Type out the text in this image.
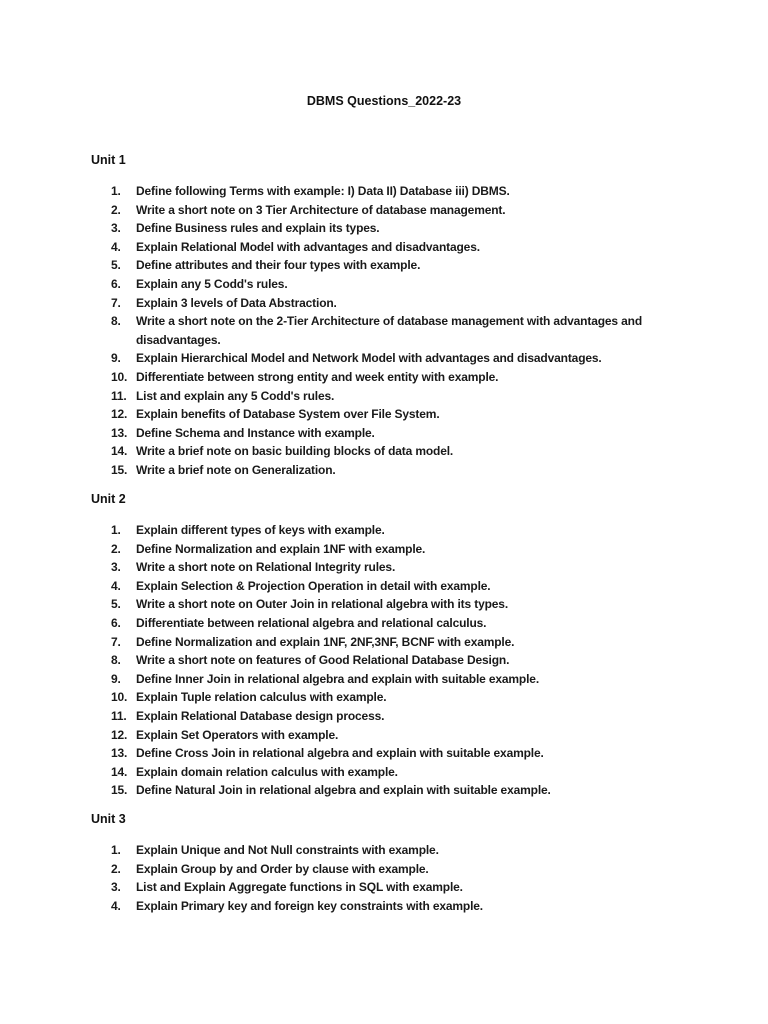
DBMS Questions_2022-23
Unit 1
1.	Define following Terms with example: I) Data II) Database iii) DBMS.
2.	Write a short note on 3 Tier Architecture of database management.
3.	Define Business rules and explain its types.
4.	Explain Relational Model with advantages and disadvantages.
5.	Define attributes and their four types with example.
6.	Explain any 5 Codd's rules.
7.	Explain 3 levels of Data Abstraction.
8.	Write a short note on the 2-Tier Architecture of database management with advantages and disadvantages.
9.	Explain Hierarchical Model and Network Model with advantages and disadvantages.
10. Differentiate between strong entity and week entity with example.
11. List and explain any 5 Codd's rules.
12. Explain benefits of Database System over File System.
13. Define Schema and Instance with example.
14. Write a brief note on basic building blocks of data model.
15. Write a brief note on Generalization.
Unit 2
1.	Explain different types of keys with example.
2.	Define Normalization and explain 1NF with example.
3.	Write a short note on Relational Integrity rules.
4.	Explain Selection & Projection Operation in detail with example.
5.	Write a short note on Outer Join in relational algebra with its types.
6.	Differentiate between relational algebra and relational calculus.
7.	Define Normalization and explain 1NF, 2NF,3NF, BCNF with example.
8.	Write a short note on features of Good Relational Database Design.
9.	Define Inner Join in relational algebra and explain with suitable example.
10. Explain Tuple relation calculus with example.
11. Explain Relational Database design process.
12. Explain Set Operators with example.
13. Define Cross Join in relational algebra and explain with suitable example.
14. Explain domain relation calculus with example.
15. Define Natural Join in relational algebra and explain with suitable example.
Unit 3
1.	Explain Unique and Not Null constraints with example.
2.	Explain Group by and Order by clause with example.
3.	List and Explain Aggregate functions in SQL with example.
4.	Explain Primary key and foreign key constraints with example.
